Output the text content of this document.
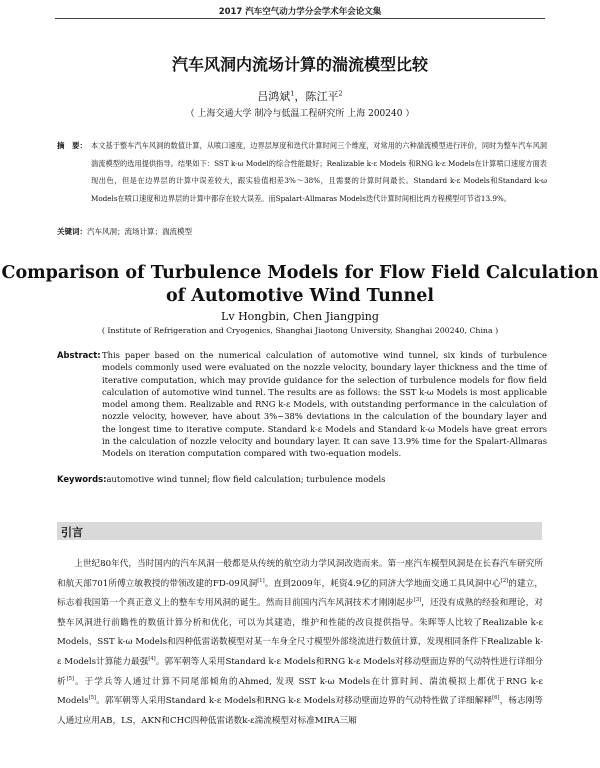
2017 汽车空气动力学分会学术年会论文集
汽车风洞内流场计算的湍流模型比较
吕鸿斌$^1$，陈江平$^2$
（ 上海交通大学 制冷与低温工程研究所 上海 200240 ）
摘　要： 本文基于整车汽车风洞的数值计算，从喷口速度，边界层厚度和迭代计算时间三个维度，对常用的六种湍流模型进行评价，同时为整车汽车风洞湍流模型的选用提供指导。结果如下：SST k-ω Model的综合性能最好；Realizable k-ε Models 和RNG k-ε Models在计算喷口速度方面表现出色，但是在边界层的计算中误差较大，跟实验值相差3%～38%，且需要的计算时间最长。Standard k-ε Models和Standard k-ω Models在喷口速度和边界层的计算中都存在较大误差。而Spalart-Allmaras Models迭代计算时间相比两方程模型可节省13.9%。
关键词：汽车风洞；流场计算；湍流模型
Comparison of Turbulence Models for Flow Field Calculation
of Automotive Wind Tunnel
Lv Hongbin, Chen Jiangping
( Institute of Refrigeration and Cryogenics, Shanghai Jiaotong University, Shanghai 200240, China )
Abstract: This paper based on the numerical calculation of automotive wind tunnel, six kinds of turbulence models commonly used were evaluated on the nozzle velocity, boundary layer thickness and the time of iterative computation, which may provide guidance for the selection of turbulence models for flow field calculation of automotive wind tunnel. The results are as follows: the SST k-ω Models is most applicable model among them. Realizable and RNG k-ε Models, with outstanding performance in the calculation of nozzle velocity, however, have about 3%~38% deviations in the calculation of the boundary layer and the longest time to iterative compute. Standard k-ε Models and Standard k-ω Models have great errors in the calculation of nozzle velocity and boundary layer. It can save 13.9% time for the Spalart-Allmaras Models on iteration computation compared with two-equation models.
Keywords:automotive wind tunnel; flow field calculation; turbulence models
引言

上世纪80年代，当时国内的汽车风洞一般都是从传统的航空动力学风洞改造而来。第一座汽车模型风洞是在长春汽车研究所和航天部701所傅立敏教授的带领改建的FD-09风洞[1]。直到2009年，耗资4.9亿的同济大学地面交通工具风洞中心[2]的建立，标志着我国第一个真正意义上的整车专用风洞的诞生。然而目前国内汽车风洞技术才刚刚起步[3]，还没有成熟的经验和理论，对整车风洞进行前瞻性的数值计算分析和优化，可以为其建造，维护和性能的改良提供指导。朱晖等人比较了Realizable k-ε Models，SST k-ω Models和四种低雷诺数模型对某一车身全尺寸模型外部绕流进行数值计算，发现相同条件下Realizable k-ε Models计算能力最强[4]。郭军朝等人采用Standard k-ε Models和RNG k-ε Models对移动壁面边界的气动特性进行详细分析[5]。于学兵等人通过计算不同尾部倾角的Ahmed, 发现 SST k-ω Models在计算时间、湍流模拟上都优于RNG k-ε Models[5]。郭军朝等人采用Standard k-ε Models和RNG k-ε Models对移动壁面边界的气动特性做了详细解释[6]，杨志刚等人通过应用AB，LS，AKN和CHC四种低雷诺数k-ε湍流模型对标准MIRA三厢
